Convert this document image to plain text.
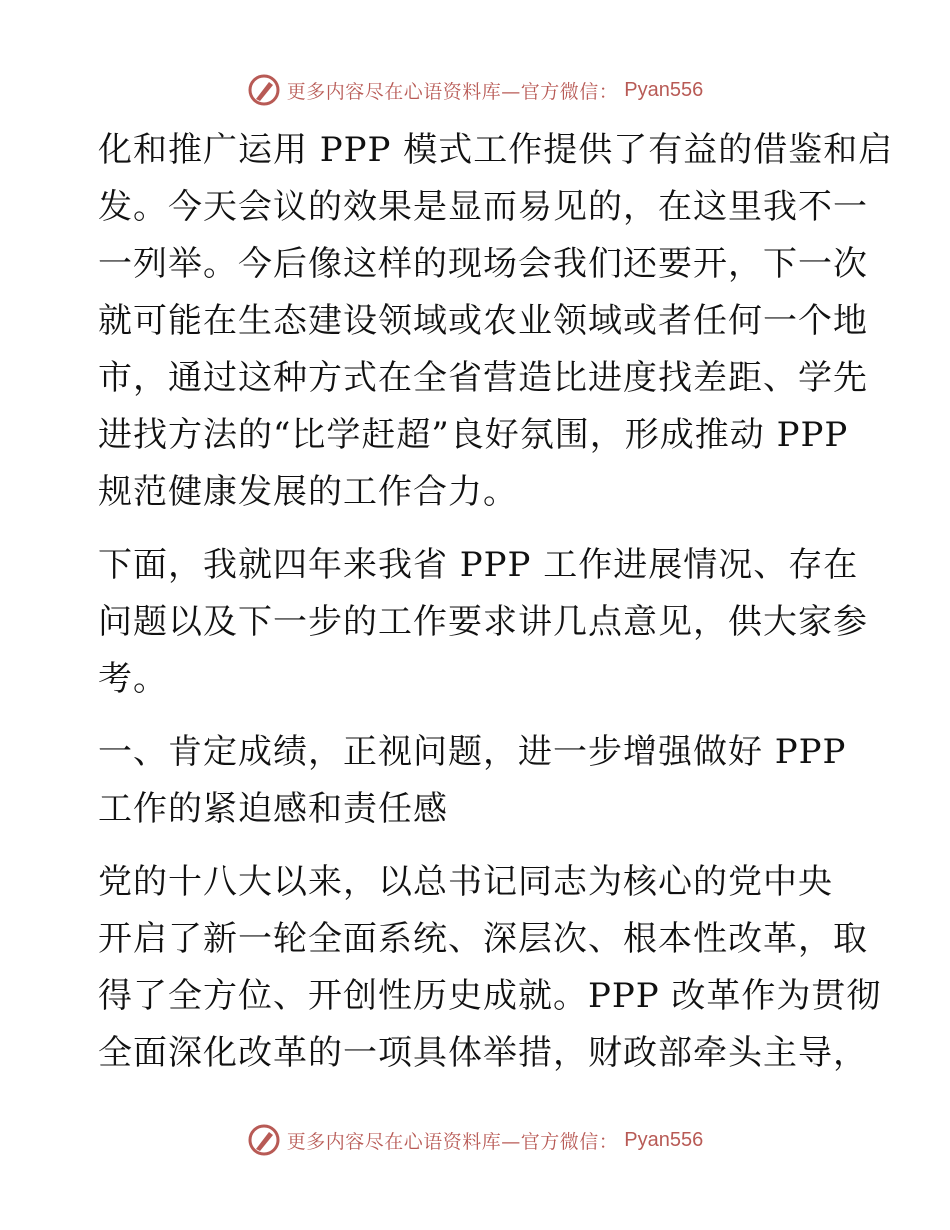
更多内容尽在心语资料库—官方微信： Pyan556

化和推广运用 PPP 模式工作提供了有益的借鉴和启
发。今天会议的效果是显而易见的，在这里我不一
一列举。今后像这样的现场会我们还要开，下一次
就可能在生态建设领域或农业领域或者任何一个地
市，通过这种方式在全省营造比进度找差距、学先
进找方法的“比学赶超”良好氛围，形成推动 PPP
规范健康发展的工作合力。

下面，我就四年来我省 PPP 工作进展情况、存在
问题以及下一步的工作要求讲几点意见，供大家参
考。

一、肯定成绩，正视问题，进一步增强做好 PPP
工作的紧迫感和责任感

党的十八大以来，以总书记同志为核心的党中央
开启了新一轮全面系统、深层次、根本性改革，取
得了全方位、开创性历史成就。PPP 改革作为贯彻
全面深化改革的一项具体举措，财政部牵头主导，

更多内容尽在心语资料库—官方微信： Pyan556
